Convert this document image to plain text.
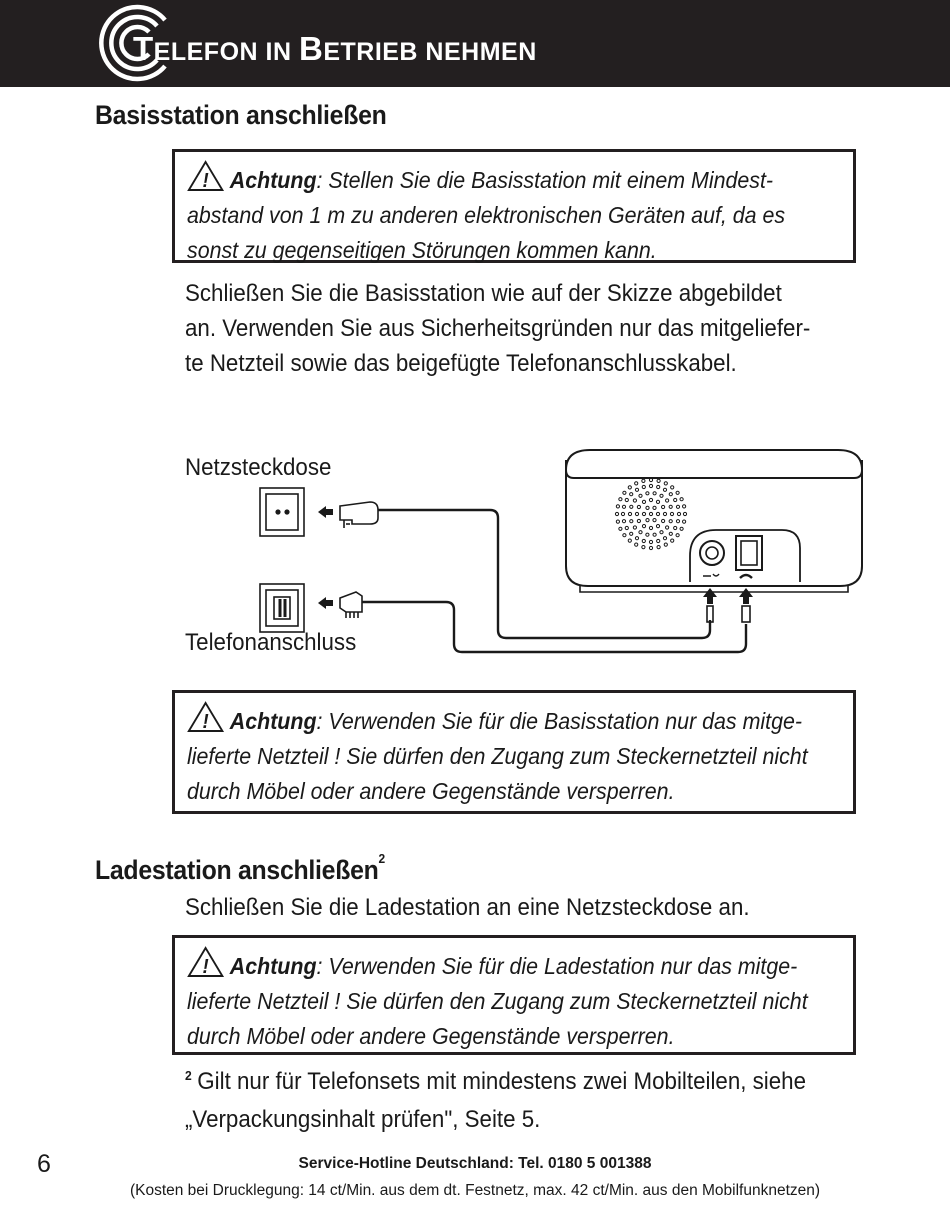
TELEFON IN BETRIEB NEHMEN
Basisstation anschließen
! Achtung: Stellen Sie die Basisstation mit einem Mindest-
abstand von 1 m zu anderen elektronischen Geräten auf, da es
sonst zu gegenseitigen Störungen kommen kann.
Schließen Sie die Basisstation wie auf der Skizze abgebildet
an. Verwenden Sie aus Sicherheitsgründen nur das mitgeliefer-
te Netzteil sowie das beigefügte Telefonanschlusskabel.
Netzsteckdose
Telefonanschluss
! Achtung: Verwenden Sie für die Basisstation nur das mitge-
lieferte Netzteil ! Sie dürfen den Zugang zum Steckernetzteil nicht
durch Möbel oder andere Gegenstände versperren.
Ladestation anschließen$^2$
Schließen Sie die Ladestation an eine Netzsteckdose an.
! Achtung: Verwenden Sie für die Ladestation nur das mitge-
lieferte Netzteil ! Sie dürfen den Zugang zum Steckernetzteil nicht
durch Möbel oder andere Gegenstände versperren.
$^2$ Gilt nur für Telefonsets mit mindestens zwei Mobilteilen, siehe
„Verpackungsinhalt prüfen", Seite 5.
6	Service-Hotline Deutschland: Tel. 0180 5 001388
(Kosten bei Drucklegung: 14 ct/Min. aus dem dt. Festnetz, max. 42 ct/Min. aus den Mobilfunknetzen)
